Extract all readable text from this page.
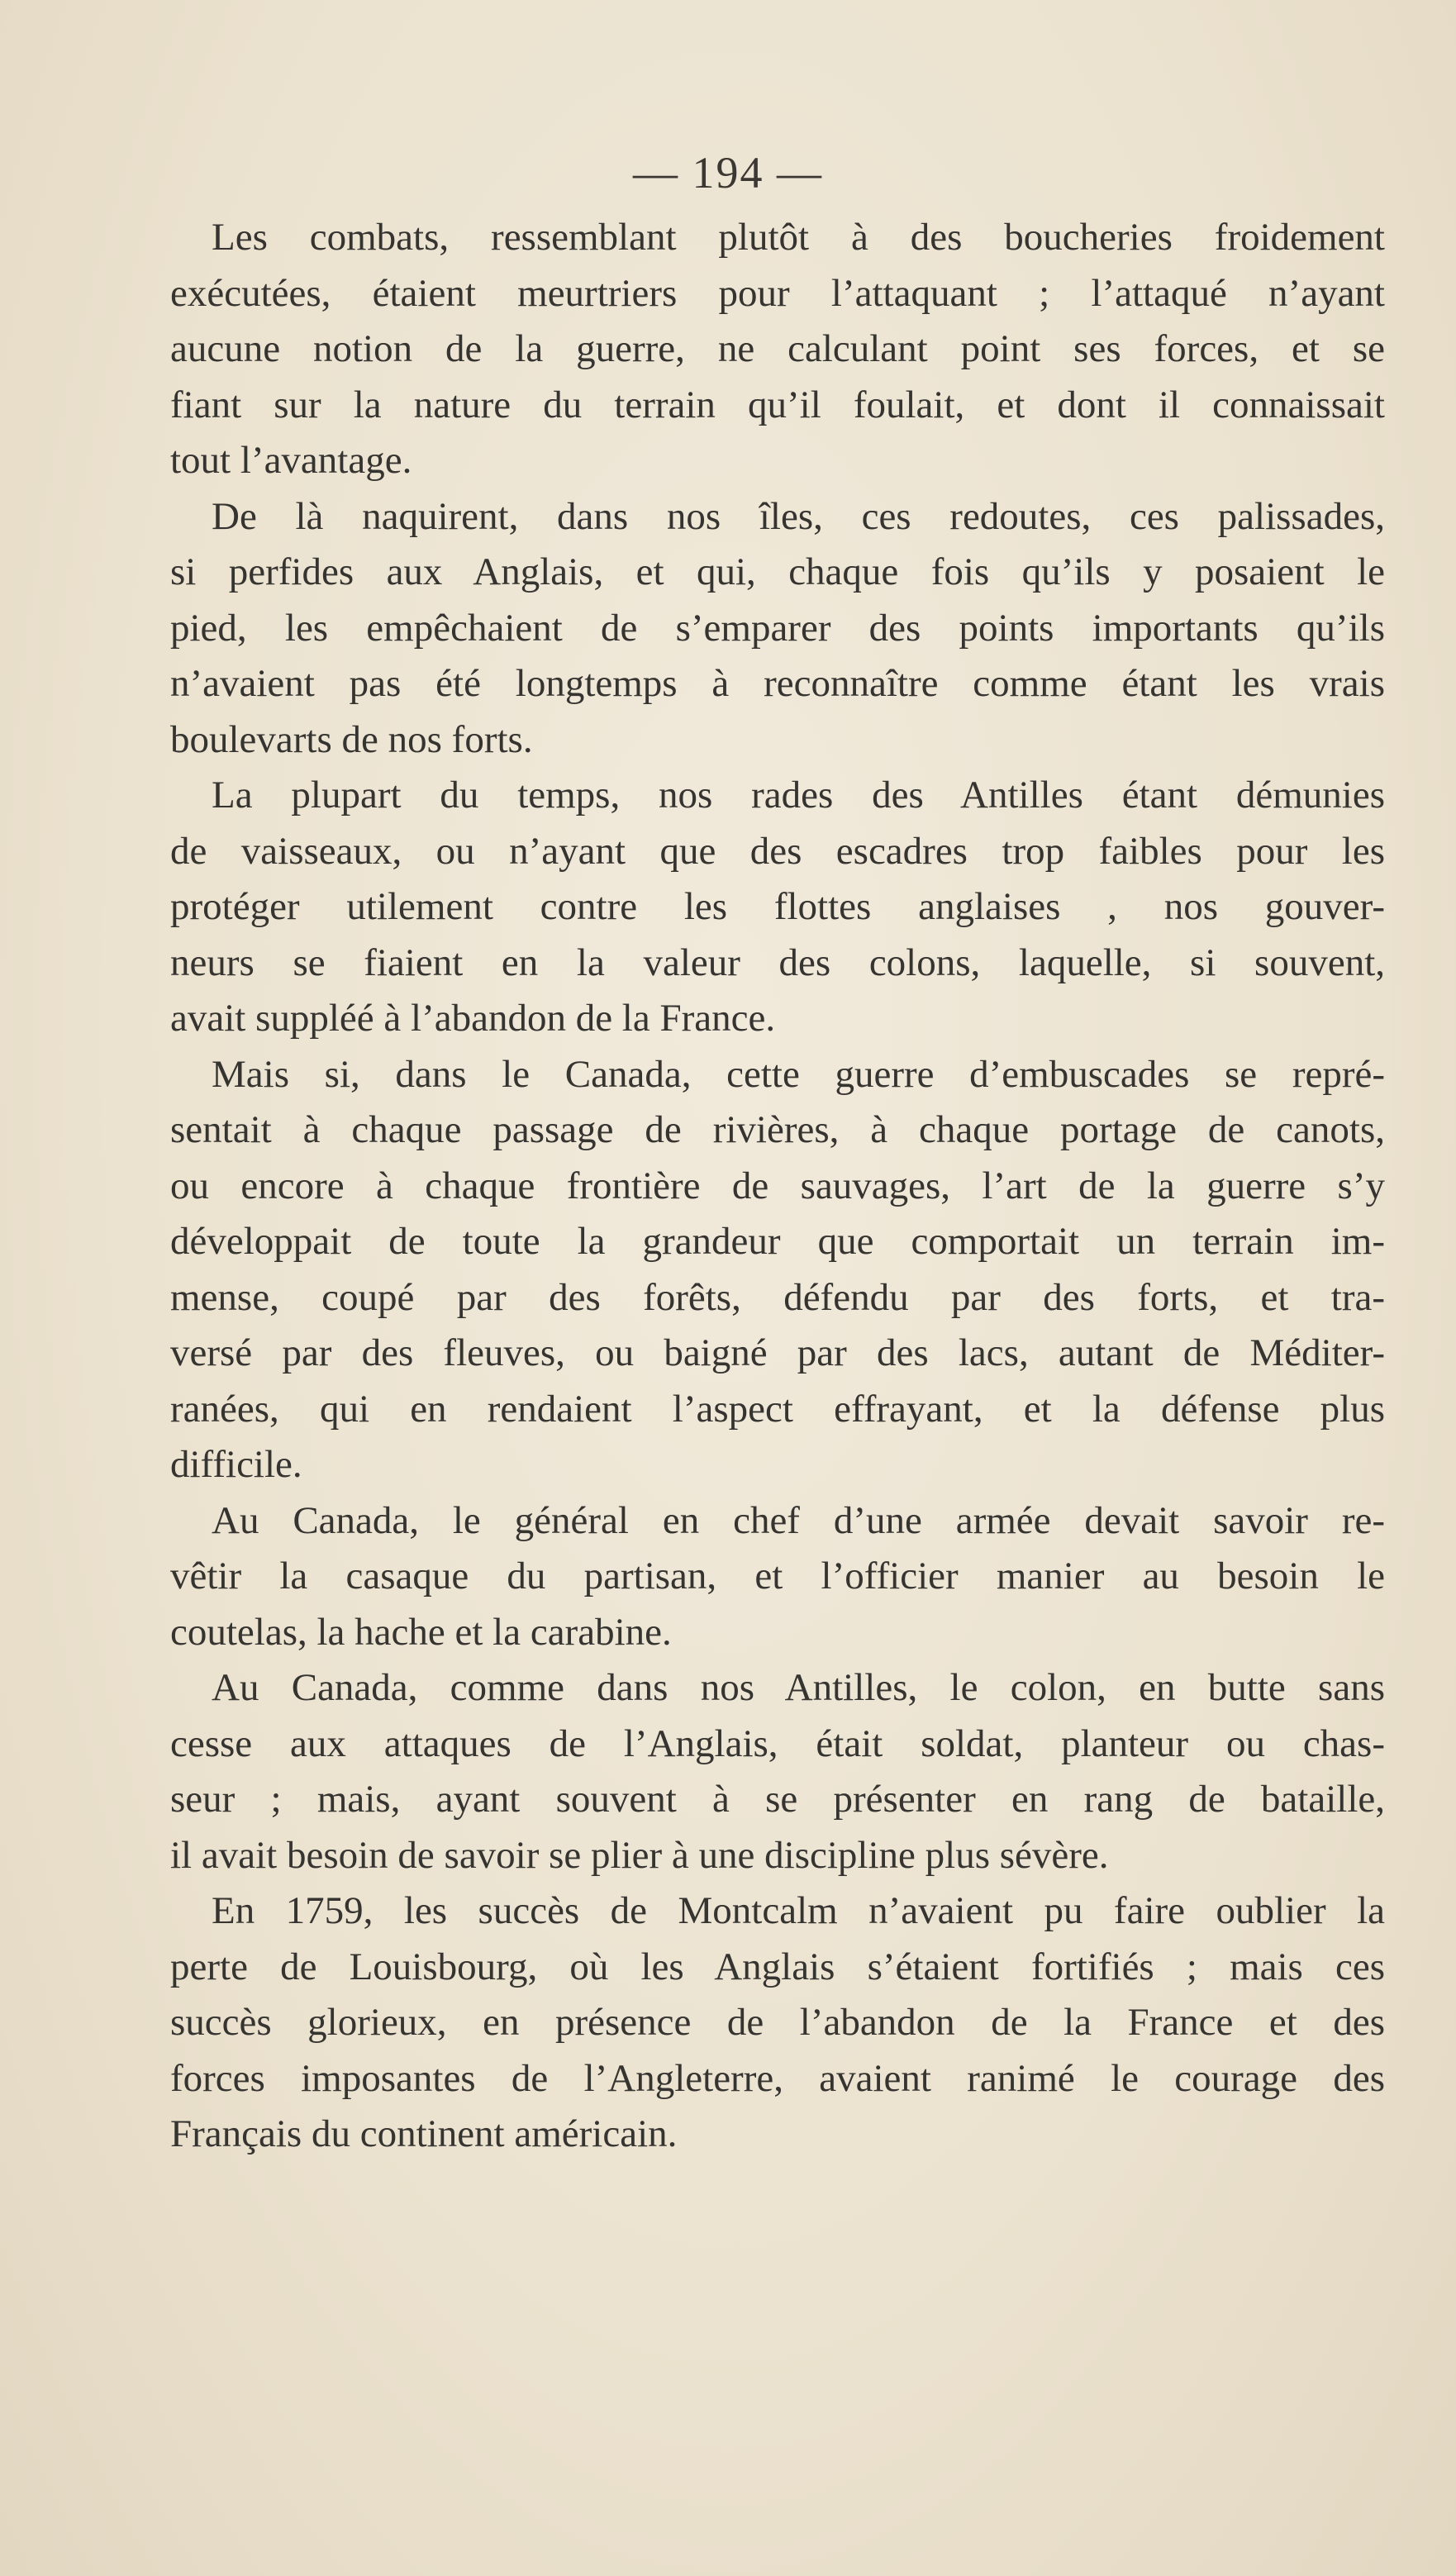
— 194 —
Les combats, ressemblant plutôt à des boucheries froidement
exécutées, étaient meurtriers pour l’attaquant ; l’attaqué n’ayant
aucune notion de la guerre, ne calculant point ses forces, et se
fiant sur la nature du terrain qu’il foulait, et dont il connaissait
tout l’avantage.
De là naquirent, dans nos îles, ces redoutes, ces palissades,
si perfides aux Anglais, et qui, chaque fois qu’ils y posaient le
pied, les empêchaient de s’emparer des points importants qu’ils
n’avaient pas été longtemps à reconnaître comme étant les vrais
boulevarts de nos forts.
La plupart du temps, nos rades des Antilles étant démunies
de vaisseaux, ou n’ayant que des escadres trop faibles pour les
protéger utilement contre les flottes anglaises , nos gouver-
neurs se fiaient en la valeur des colons, laquelle, si souvent,
avait suppléé à l’abandon de la France.
Mais si, dans le Canada, cette guerre d’embuscades se repré-
sentait à chaque passage de rivières, à chaque portage de canots,
ou encore à chaque frontière de sauvages, l’art de la guerre s’y
développait de toute la grandeur que comportait un terrain im-
mense, coupé par des forêts, défendu par des forts, et tra-
versé par des fleuves, ou baigné par des lacs, autant de Méditer-
ranées, qui en rendaient l’aspect effrayant, et la défense plus
difficile.
Au Canada, le général en chef d’une armée devait savoir re-
vêtir la casaque du partisan, et l’officier manier au besoin le
coutelas, la hache et la carabine.
Au Canada, comme dans nos Antilles, le colon, en butte sans
cesse aux attaques de l’Anglais, était soldat, planteur ou chas-
seur ; mais, ayant souvent à se présenter en rang de bataille,
il avait besoin de savoir se plier à une discipline plus sévère.
En 1759, les succès de Montcalm n’avaient pu faire oublier la
perte de Louisbourg, où les Anglais s’étaient fortifiés ; mais ces
succès glorieux, en présence de l’abandon de la France et des
forces imposantes de l’Angleterre, avaient ranimé le courage des
Français du continent américain.
